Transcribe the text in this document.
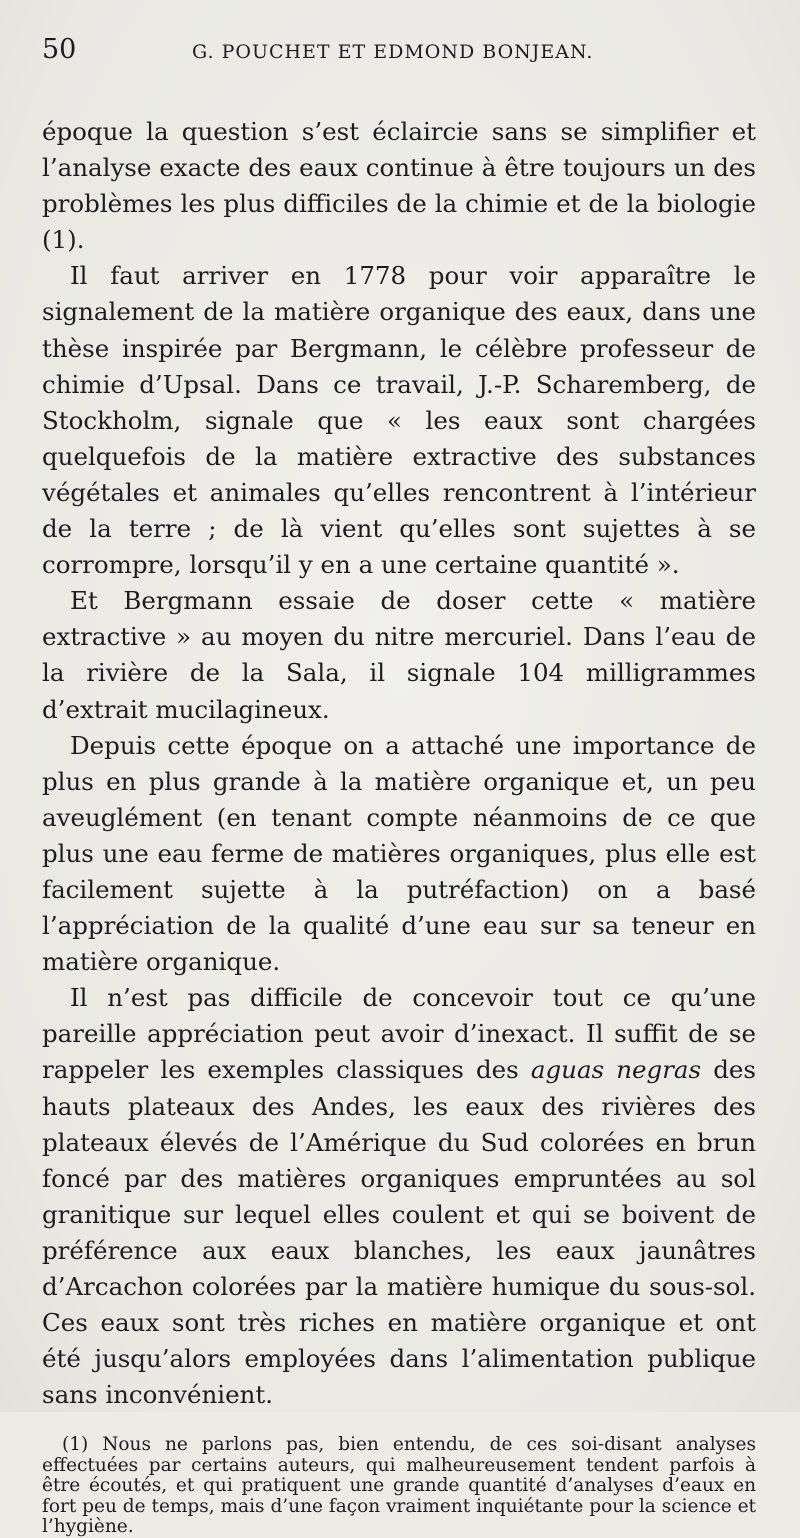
50	G. POUCHET ET EDMOND BONJEAN.

époque la question s’est éclaircie sans se simplifier et l’analyse exacte des eaux continue à être toujours un des problèmes les plus difficiles de la chimie et de la biologie (1).

Il faut arriver en 1778 pour voir apparaître le signalement de la matière organique des eaux, dans une thèse inspirée par Bergmann, le célèbre professeur de chimie d’Upsal. Dans ce travail, J.-P. Scharemberg, de Stockholm, signale que « les eaux sont chargées quelquefois de la matière extractive des substances végétales et animales qu’elles rencontrent à l’intérieur de la terre ; de là vient qu’elles sont sujettes à se corrompre, lorsqu’il y en a une certaine quantité ».

Et Bergmann essaie de doser cette « matière extractive » au moyen du nitre mercuriel. Dans l’eau de la rivière de la Sala, il signale 104 milligrammes d’extrait mucilagineux.

Depuis cette époque on a attaché une importance de plus en plus grande à la matière organique et, un peu aveuglément (en tenant compte néanmoins de ce que plus une eau ferme de matières organiques, plus elle est facilement sujette à la putréfaction) on a basé l’appréciation de la qualité d’une eau sur sa teneur en matière organique.

Il n’est pas difficile de concevoir tout ce qu’une pareille appréciation peut avoir d’inexact. Il suffit de se rappeler les exemples classiques des aguas negras des hauts plateaux des Andes, les eaux des rivières des plateaux élevés de l’Amérique du Sud colorées en brun foncé par des matières organiques empruntées au sol granitique sur lequel elles coulent et qui se boivent de préférence aux eaux blanches, les eaux jaunâtres d’Arcachon colorées par la matière humique du sous-sol. Ces eaux sont très riches en matière organique et ont été jusqu’alors employées dans l’alimentation publique sans inconvénient.

(1) Nous ne parlons pas, bien entendu, de ces soi-disant analyses effectuées par certains auteurs, qui malheureusement tendent parfois à être écoutés, et qui pratiquent une grande quantité d’analyses d’eaux en fort peu de temps, mais d’une façon vraiment inquiétante pour la science et l’hygiène.
